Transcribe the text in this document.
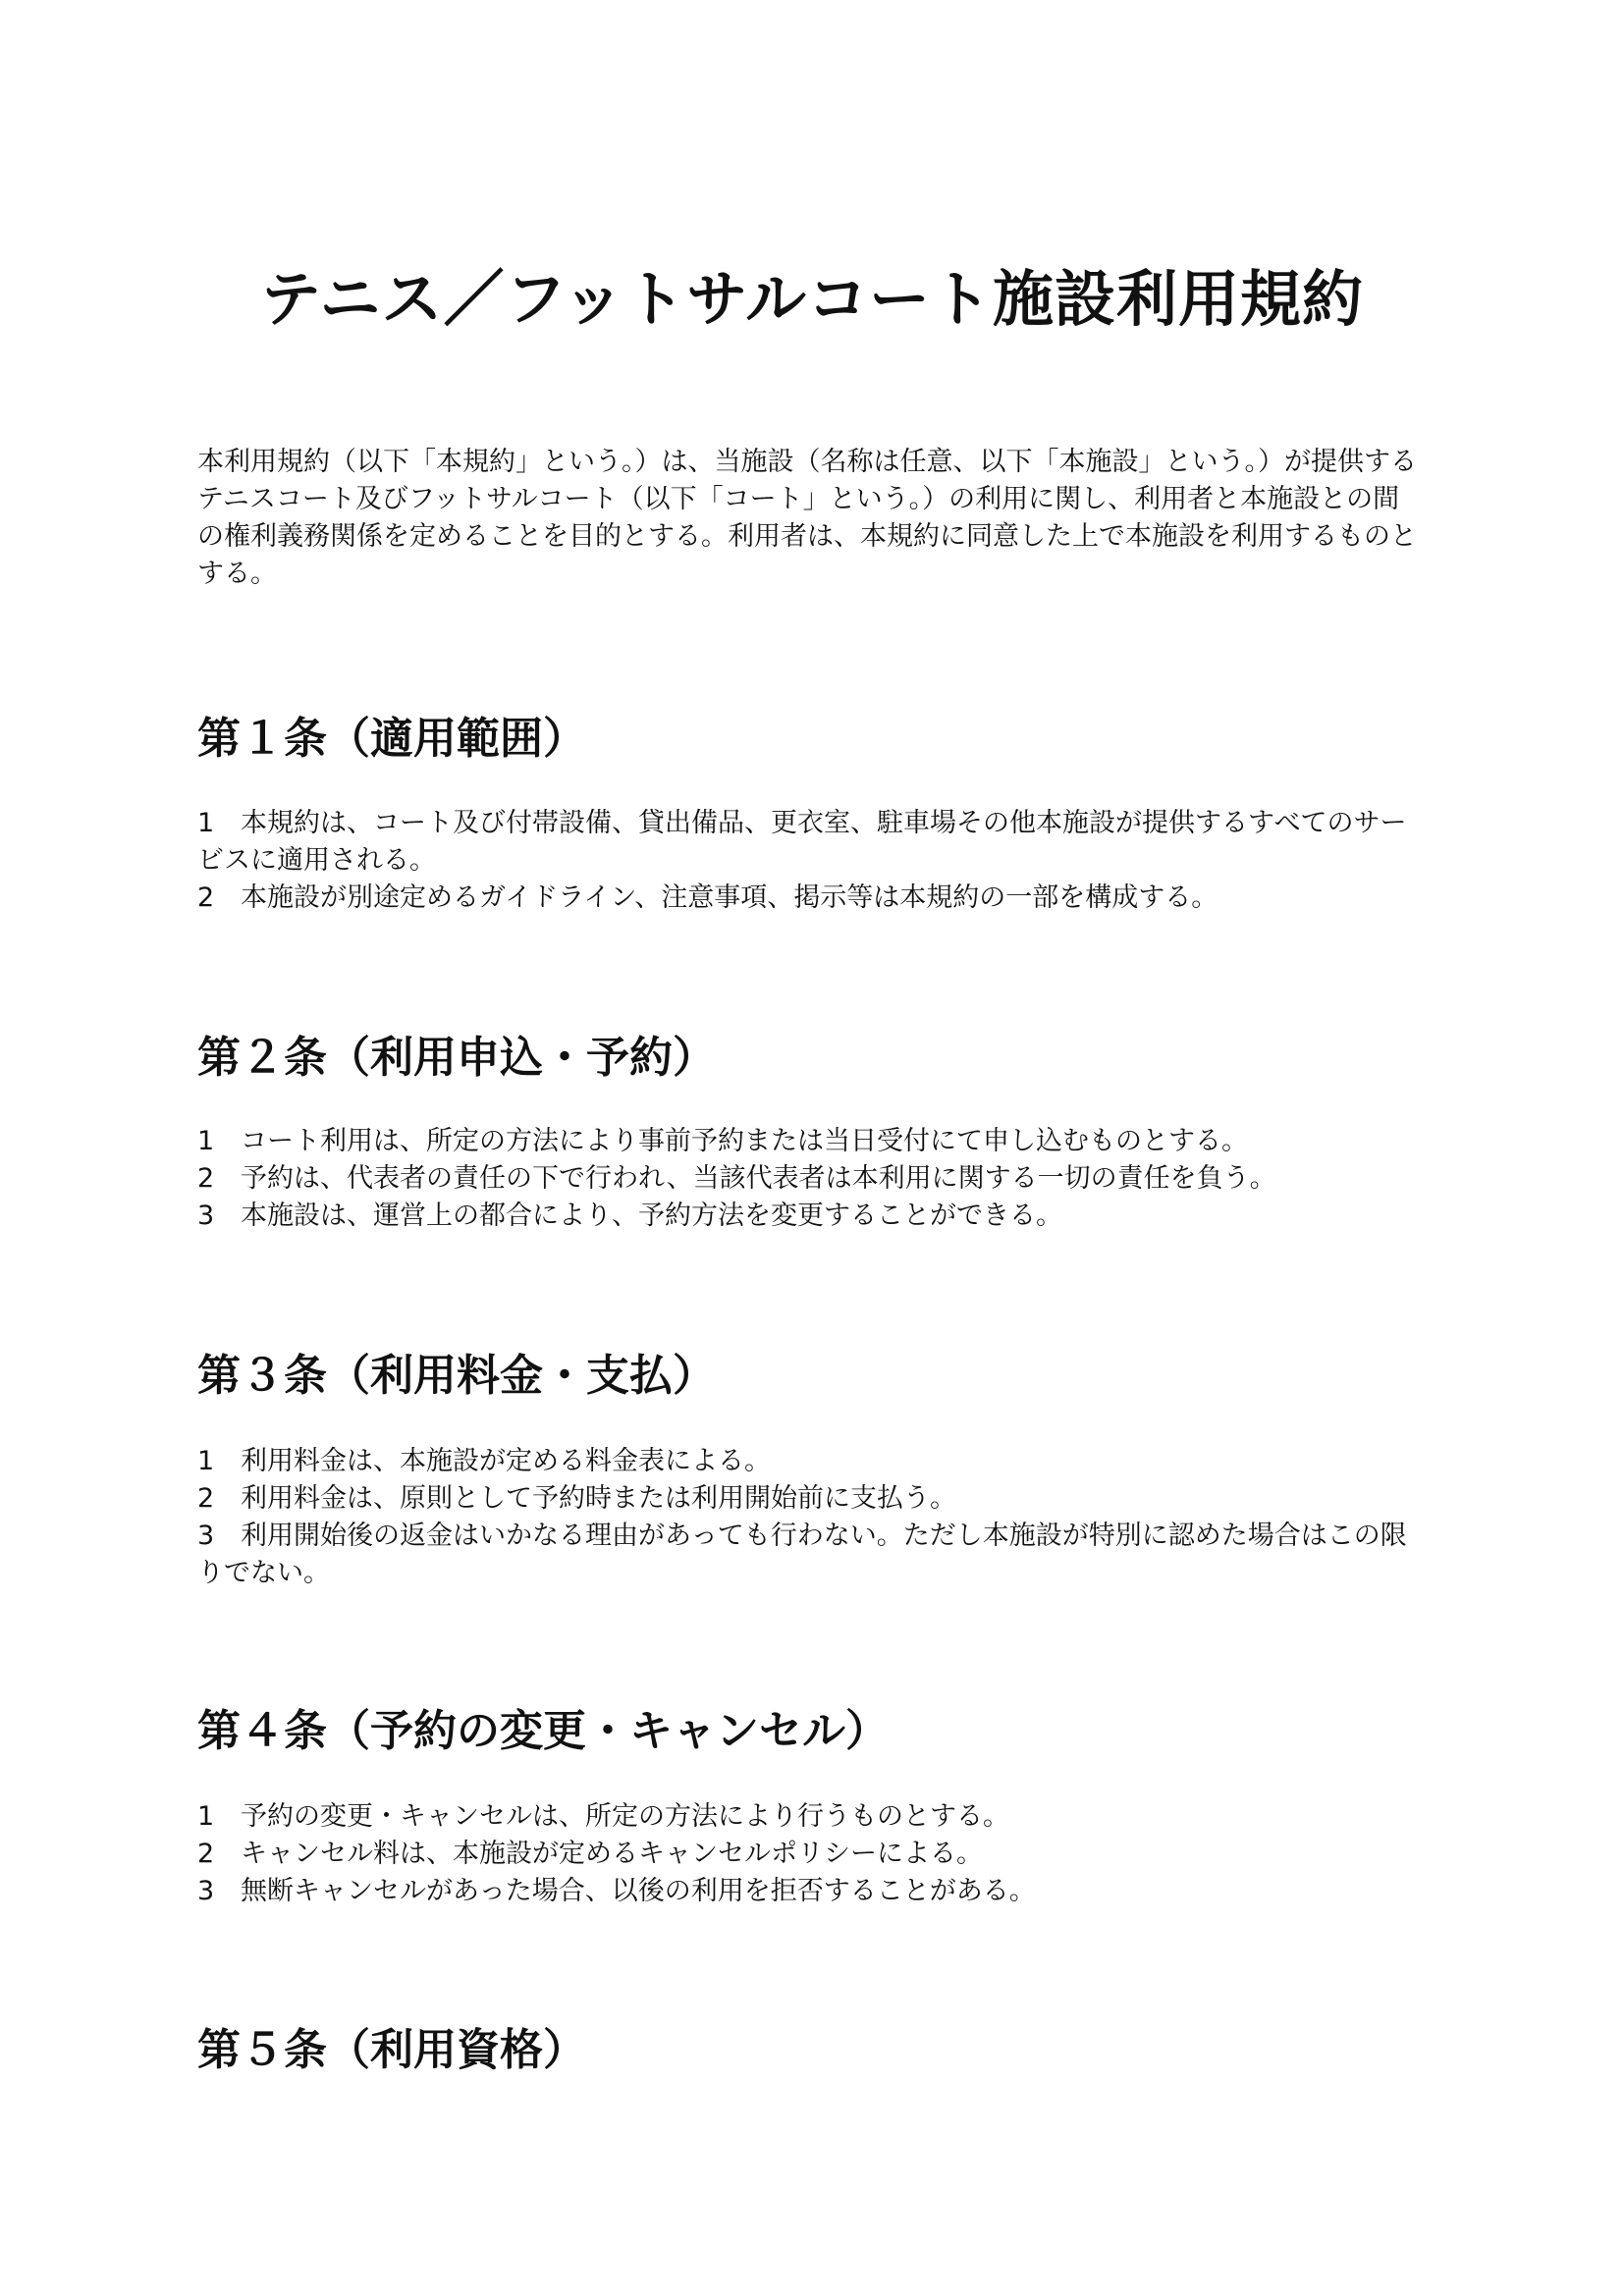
テニス／フットサルコート施設利用規約

本利用規約（以下「本規約」という。）は、当施設（名称は任意、以下「本施設」という。）が提供するテニスコート及びフットサルコート（以下「コート」という。）の利用に関し、利用者と本施設との間の権利義務関係を定めることを目的とする。利用者は、本規約に同意した上で本施設を利用するものとする。

第１条（適用範囲）
1 本規約は、コート及び付帯設備、貸出備品、更衣室、駐車場その他本施設が提供するすべてのサービスに適用される。
2 本施設が別途定めるガイドライン、注意事項、掲示等は本規約の一部を構成する。
第２条（利用申込・予約）
1 コート利用は、所定の方法により事前予約または当日受付にて申し込むものとする。
2 予約は、代表者の責任の下で行われ、当該代表者は本利用に関する一切の責任を負う。
3 本施設は、運営上の都合により、予約方法を変更することができる。
第３条（利用料金・支払）
1 利用料金は、本施設が定める料金表による。
2 利用料金は、原則として予約時または利用開始前に支払う。
3 利用開始後の返金はいかなる理由があっても行わない。ただし本施設が特別に認めた場合はこの限りでない。
第４条（予約の変更・キャンセル）
1 予約の変更・キャンセルは、所定の方法により行うものとする。
2 キャンセル料は、本施設が定めるキャンセルポリシーによる。
3 無断キャンセルがあった場合、以後の利用を拒否することがある。
第５条（利用資格）
